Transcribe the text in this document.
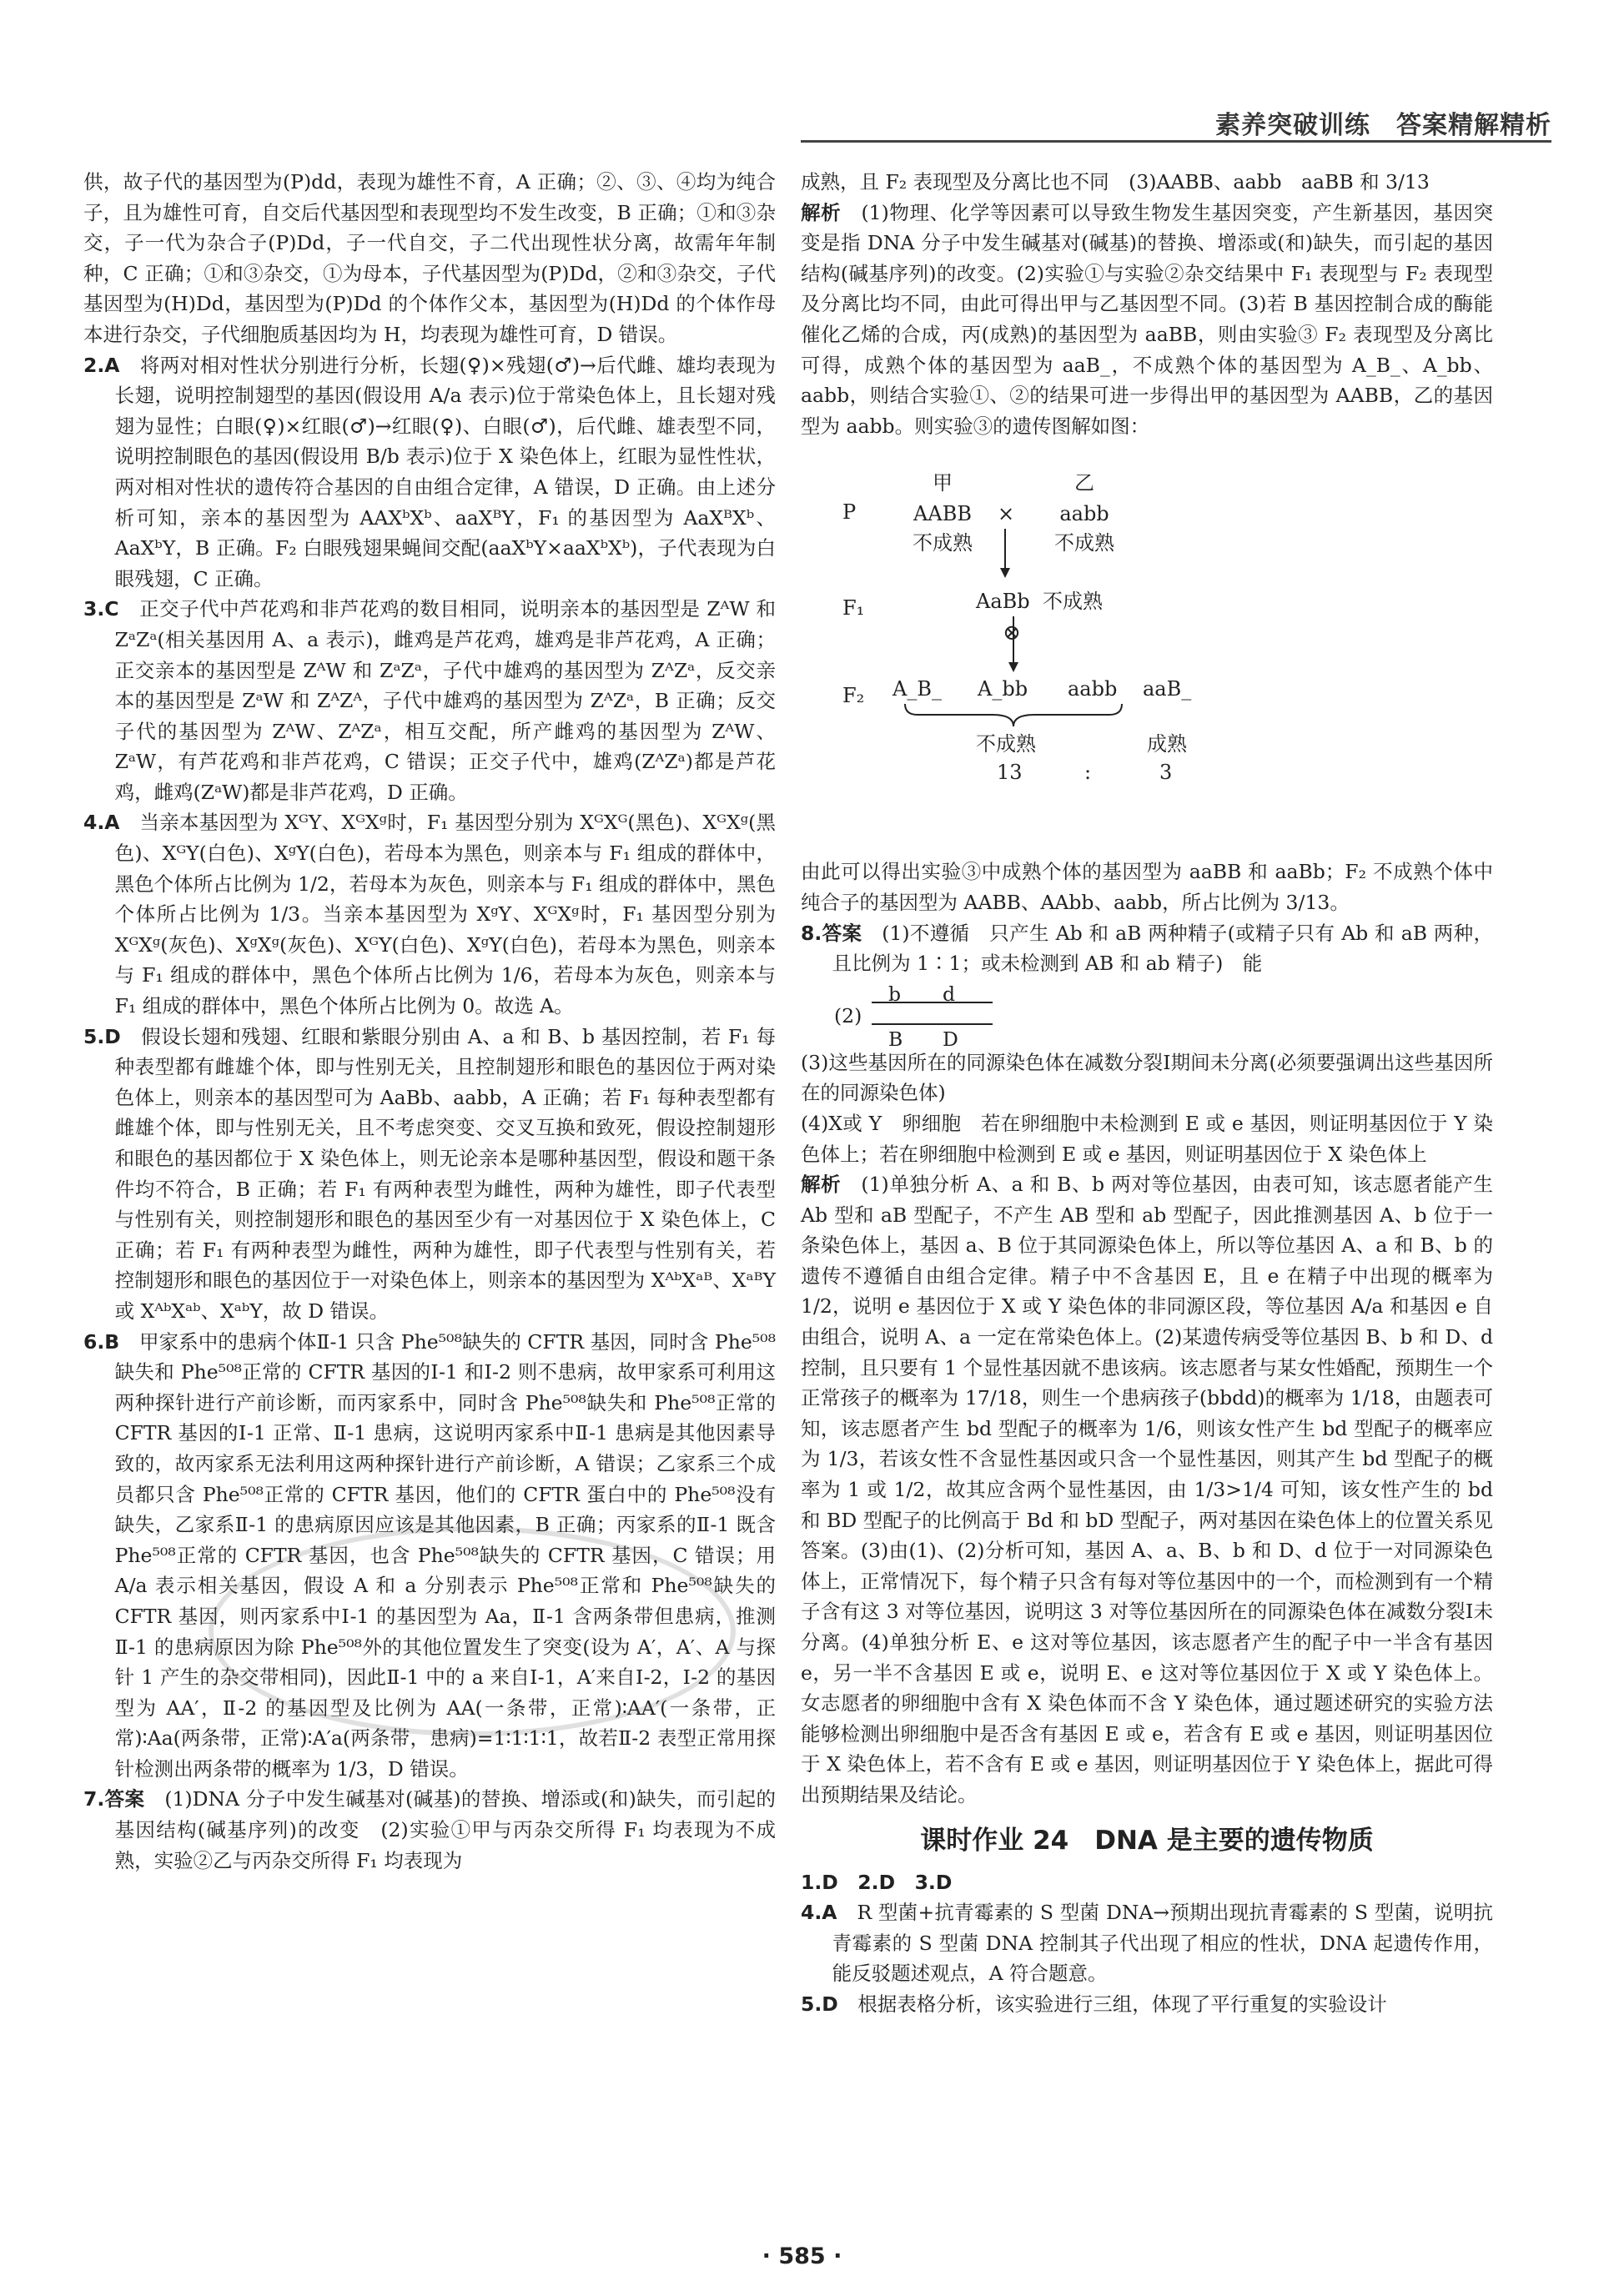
素养突破训练　答案精解精析

供，故子代的基因型为(P)dd，表现为雄性不育，A 正确；②、③、④均为纯合子，且为雄性可育，自交后代基因型和表现型均不发生改变，B 正确；①和③杂交，子一代为杂合子(P)Dd，子一代自交，子二代出现性状分离，故需年年制种，C 正确；①和③杂交，①为母本，子代基因型为(P)Dd，②和③杂交，子代基因型为(H)Dd，基因型为(P)Dd 的个体作父本，基因型为(H)Dd 的个体作母本进行杂交，子代细胞质基因均为 H，均表现为雄性可育，D 错误。

2.A　 将两对相对性状分别进行分析，长翅(♀)×残翅(♂)→后代雌、雄均表现为长翅，说明控制翅型的基因(假设用 A/a 表示)位于常染色体上，且长翅对残翅为显性；白眼(♀)×红眼(♂)→红眼(♀)、白眼(♂)，后代雌、雄表型不同，说明控制眼色的基因(假设用 B/b 表示)位于 X 染色体上，红眼为显性性状，两对相对性状的遗传符合基因的自由组合定律，A 错误，D 正确。由上述分析可知，亲本的基因型为 AAXᵇXᵇ、aaXᴮY，F₁ 的基因型为 AaXᴮXᵇ、AaXᵇY，B 正确。F₂ 白眼残翅果蝇间交配(aaXᵇY×aaXᵇXᵇ)，子代表现为白眼残翅，C 正确。

3.C　 正交子代中芦花鸡和非芦花鸡的数目相同，说明亲本的基因型是 ZᴬW 和 ZᵃZᵃ(相关基因用 A、a 表示)，雌鸡是芦花鸡，雄鸡是非芦花鸡，A 正确；正交亲本的基因型是 ZᴬW 和 ZᵃZᵃ，子代中雄鸡的基因型为 ZᴬZᵃ，反交亲本的基因型是 ZᵃW 和 ZᴬZᴬ，子代中雄鸡的基因型为 ZᴬZᵃ，B 正确；反交子代的基因型为 ZᴬW、ZᴬZᵃ，相互交配，所产雌鸡的基因型为 ZᴬW、ZᵃW，有芦花鸡和非芦花鸡，C 错误；正交子代中，雄鸡(ZᴬZᵃ)都是芦花鸡，雌鸡(ZᵃW)都是非芦花鸡，D 正确。

4.A　 当亲本基因型为 XᴳY、XᴳXᵍ时，F₁ 基因型分别为 XᴳXᴳ(黑色)、XᴳXᵍ(黑色)、XᴳY(白色)、XᵍY(白色)，若母本为黑色，则亲本与 F₁ 组成的群体中，黑色个体所占比例为 1/2，若母本为灰色，则亲本与 F₁ 组成的群体中，黑色个体所占比例为 1/3。当亲本基因型为 XᵍY、XᴳXᵍ时，F₁ 基因型分别为 XᴳXᵍ(灰色)、XᵍXᵍ(灰色)、XᴳY(白色)、XᵍY(白色)，若母本为黑色，则亲本与 F₁ 组成的群体中，黑色个体所占比例为 1/6，若母本为灰色，则亲本与 F₁ 组成的群体中，黑色个体所占比例为 0。故选 A。

5.D　 假设长翅和残翅、红眼和紫眼分别由 A、a 和 B、b 基因控制，若 F₁ 每种表型都有雌雄个体，即与性别无关，且控制翅形和眼色的基因位于两对染色体上，则亲本的基因型可为 AaBb、aabb，A 正确；若 F₁ 每种表型都有雌雄个体，即与性别无关，且不考虑突变、交叉互换和致死，假设控制翅形和眼色的基因都位于 X 染色体上，则无论亲本是哪种基因型，假设和题干条件均不符合，B 正确；若 F₁ 有两种表型为雌性，两种为雄性，即子代表型与性别有关，则控制翅形和眼色的基因至少有一对基因位于 X 染色体上，C 正确；若 F₁ 有两种表型为雌性，两种为雄性，即子代表型与性别有关，若控制翅形和眼色的基因位于一对染色体上，则亲本的基因型为 XᴬᵇXᵃᴮ、XᵃᴮY 或 XᴬᵇXᵃᵇ、XᵃᵇY，故 D 错误。

6.B　 甲家系中的患病个体Ⅱ-1 只含 Phe⁵⁰⁸缺失的 CFTR 基因，同时含 Phe⁵⁰⁸缺失和 Phe⁵⁰⁸正常的 CFTR 基因的Ⅰ-1 和Ⅰ-2 则不患病，故甲家系可利用这两种探针进行产前诊断，而丙家系中，同时含 Phe⁵⁰⁸缺失和 Phe⁵⁰⁸正常的 CFTR 基因的Ⅰ-1 正常、Ⅱ-1 患病，这说明丙家系中Ⅱ-1 患病是其他因素导致的，故丙家系无法利用这两种探针进行产前诊断，A 错误；乙家系三个成员都只含 Phe⁵⁰⁸正常的 CFTR 基因，他们的 CFTR 蛋白中的 Phe⁵⁰⁸没有缺失，乙家系Ⅱ-1 的患病原因应该是其他因素，B 正确；丙家系的Ⅱ-1 既含 Phe⁵⁰⁸正常的 CFTR 基因，也含 Phe⁵⁰⁸缺失的 CFTR 基因，C 错误；用 A/a 表示相关基因，假设 A 和 a 分别表示 Phe⁵⁰⁸正常和 Phe⁵⁰⁸缺失的 CFTR 基因，则丙家系中Ⅰ-1 的基因型为 Aa，Ⅱ-1 含两条带但患病，推测Ⅱ-1 的患病原因为除 Phe⁵⁰⁸外的其他位置发生了突变(设为 A′，A′、A 与探针 1 产生的杂交带相同)，因此Ⅱ-1 中的 a 来自Ⅰ-1，A′来自Ⅰ-2，Ⅰ-2 的基因型为 AA′，Ⅱ-2 的基因型及比例为 AA(一条带，正常)∶AA′(一条带，正常)∶Aa(两条带，正常)∶A′a(两条带，患病)=1∶1∶1∶1，故若Ⅱ-2 表型正常用探针检测出两条带的概率为 1/3，D 错误。

7.答案　 (1)DNA 分子中发生碱基对(碱基)的替换、增添或(和)缺失，而引起的基因结构(碱基序列)的改变　(2)实验①甲与丙杂交所得 F₁ 均表现为不成熟，实验②乙与丙杂交所得 F₁ 均表现为

成熟，且 F₂ 表现型及分离比也不同　(3)AABB、aabb　aaBB 和 3/13

解析　 (1)物理、化学等因素可以导致生物发生基因突变，产生新基因，基因突变是指 DNA 分子中发生碱基对(碱基)的替换、增添或(和)缺失，而引起的基因结构(碱基序列)的改变。(2)实验①与实验②杂交结果中 F₁ 表现型与 F₂ 表现型及分离比均不同，由此可得出甲与乙基因型不同。(3)若 B 基因控制合成的酶能催化乙烯的合成，丙(成熟)的基因型为 aaBB，则由实验③ F₂ 表现型及分离比可得，成熟个体的基因型为 aaB_，不成熟个体的基因型为 A_B_、A_bb、aabb，则结合实验①、②的结果可进一步得出甲的基因型为 AABB，乙的基因型为 aabb。则实验③的遗传图解如图：

P
甲	乙
AABB	×	aabb
不成熟	不成熟
F₁	AaBb 不成熟
⊗
F₂ A_B_ A_bb aabb aaB_
不成熟	成熟
13	:	3

由此可以得出实验③中成熟个体的基因型为 aaBB 和 aaBb；F₂ 不成熟个体中纯合子的基因型为 AABB、AAbb、aabb，所占比例为 3/13。

8.答案　 (1)不遵循　只产生 Ab 和 aB 两种精子(或精子只有 Ab 和 aB 两种，且比例为 1∶1；或未检测到 AB 和 ab 精子)　能

(2)
b d
B D

(3)这些基因所在的同源染色体在减数分裂Ⅰ期间未分离(必须要强调出这些基因所在的同源染色体)

(4)X或 Y　卵细胞　若在卵细胞中未检测到 E 或 e 基因，则证明基因位于 Y 染色体上；若在卵细胞中检测到 E 或 e 基因，则证明基因位于 X 染色体上

解析　 (1)单独分析 A、a 和 B、b 两对等位基因，由表可知，该志愿者能产生 Ab 型和 aB 型配子，不产生 AB 型和 ab 型配子，因此推测基因 A、b 位于一条染色体上，基因 a、B 位于其同源染色体上，所以等位基因 A、a 和 B、b 的遗传不遵循自由组合定律。精子中不含基因 E，且 e 在精子中出现的概率为 1/2，说明 e 基因位于 X 或 Y 染色体的非同源区段，等位基因 A/a 和基因 e 自由组合，说明 A、a 一定在常染色体上。(2)某遗传病受等位基因 B、b 和 D、d 控制，且只要有 1 个显性基因就不患该病。该志愿者与某女性婚配，预期生一个正常孩子的概率为 17/18，则生一个患病孩子(bbdd)的概率为 1/18，由题表可知，该志愿者产生 bd 型配子的概率为 1/6，则该女性产生 bd 型配子的概率应为 1/3，若该女性不含显性基因或只含一个显性基因，则其产生 bd 型配子的概率为 1 或 1/2，故其应含两个显性基因，由 1/3>1/4 可知，该女性产生的 bd 和 BD 型配子的比例高于 Bd 和 bD 型配子，两对基因在染色体上的位置关系见答案。(3)由(1)、(2)分析可知，基因 A、a、B、b 和 D、d 位于一对同源染色体上，正常情况下，每个精子只含有每对等位基因中的一个，而检测到有一个精子含有这 3 对等位基因，说明这 3 对等位基因所在的同源染色体在减数分裂Ⅰ未分离。(4)单独分析 E、e 这对等位基因，该志愿者产生的配子中一半含有基因 e，另一半不含基因 E 或 e，说明 E、e 这对等位基因位于 X 或 Y 染色体上。女志愿者的卵细胞中含有 X 染色体而不含 Y 染色体，通过题述研究的实验方法能够检测出卵细胞中是否含有基因 E 或 e，若含有 E 或 e 基因，则证明基因位于 X 染色体上，若不含有 E 或 e 基因，则证明基因位于 Y 染色体上，据此可得出预期结果及结论。

课时作业 24　DNA 是主要的遗传物质

1.D　2.D　3.D

4.A　 R 型菌+抗青霉素的 S 型菌 DNA→预期出现抗青霉素的 S 型菌，说明抗青霉素的 S 型菌 DNA 控制其子代出现了相应的性状，DNA 起遗传作用，能反驳题述观点，A 符合题意。

5.D　 根据表格分析，该实验进行三组，体现了平行重复的实验设计

· 585 ·
